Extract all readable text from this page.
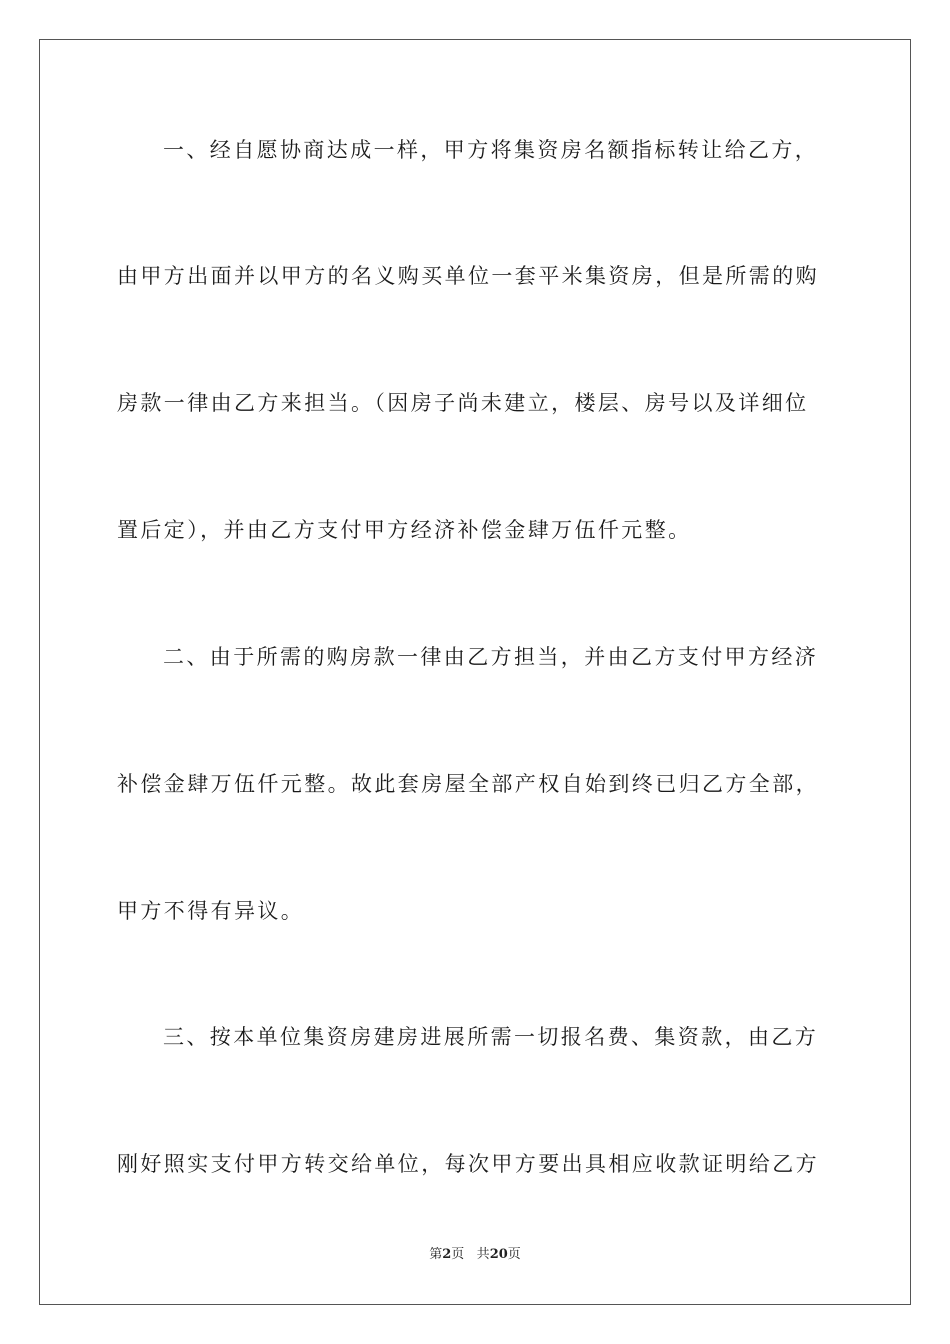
一、经自愿协商达成一样，甲方将集资房名额指标转让给乙方，
由甲方出面并以甲方的名义购买单位一套平米集资房，但是所需的购
房款一律由乙方来担当。（因房子尚未建立，楼层、房号以及详细位
置后定），并由乙方支付甲方经济补偿金肆万伍仟元整。
二、由于所需的购房款一律由乙方担当，并由乙方支付甲方经济
补偿金肆万伍仟元整。故此套房屋全部产权自始到终已归乙方全部，
甲方不得有异议。
三、按本单位集资房建房进展所需一切报名费、集资款，由乙方
刚好照实支付甲方转交给单位，每次甲方要出具相应收款证明给乙方
第2页 共20页
